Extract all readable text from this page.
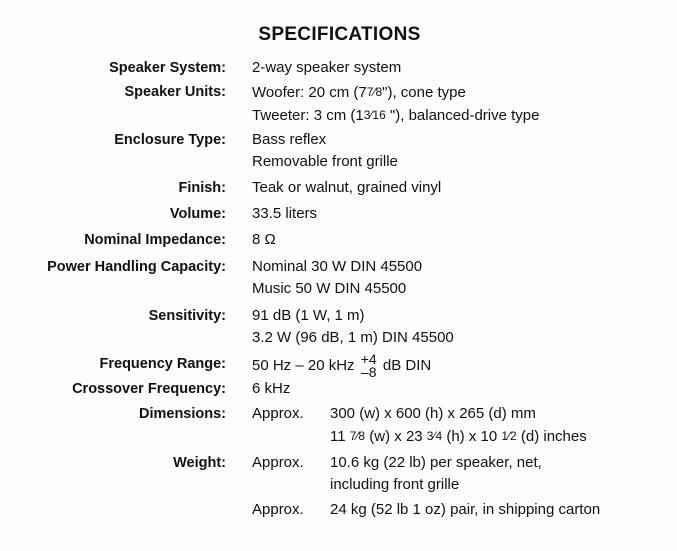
SPECIFICATIONS
Speaker System: 2-way speaker system
Speaker Units: Woofer: 20 cm (77⁄8"), cone type
Tweeter: 3 cm (13⁄16 "), balanced-drive type
Enclosure Type: Bass reflex
Removable front grille
Finish: Teak or walnut, grained vinyl
Volume: 33.5 liters
Nominal Impedance: 8 Ω
Power Handling Capacity: Nominal 30 W DIN 45500
Music 50 W DIN 45500
Sensitivity: 91 dB (1 W, 1 m)
3.2 W (96 dB, 1 m) DIN 45500
Frequency Range: 50 Hz – 20 kHz +4
–8 dB DIN
Crossover Frequency: 6 kHz
Dimensions: Approx. 300 (w) x 600 (h) x 265 (d) mm
11 7⁄8 (w) x 23 3⁄4 (h) x 10 1⁄2 (d) inches
Weight: Approx. 10.6 kg (22 lb) per speaker, net,
including front grille
Approx. 24 kg (52 lb 1 oz) pair, in shipping carton
